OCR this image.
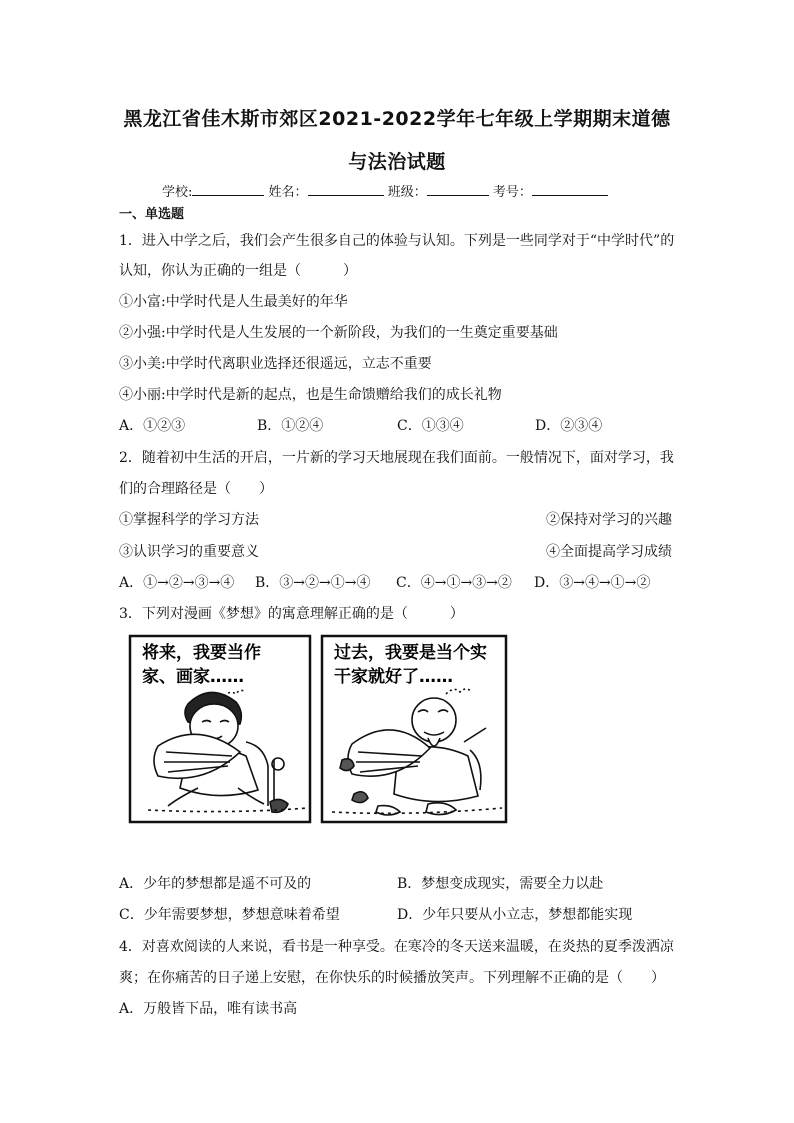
黑龙江省佳木斯市郊区2021-2022学年七年级上学期期末道德
与法治试题
学校:	姓名：	班级：	考号：
一、单选题
1．进入中学之后，我们会产生很多自己的体验与认知。下列是一些同学对于“中学时代”的
认知，你认为正确的一组是（　　　）
①小富:中学时代是人生最美好的年华
②小强:中学时代是人生发展的一个新阶段，为我们的一生奠定重要基础
③小美:中学时代离职业选择还很遥远，立志不重要
④小丽:中学时代是新的起点，也是生命馈赠给我们的成长礼物
A．①②③	B．①②④	C．①③④	D．②③④
2．随着初中生活的开启，一片新的学习天地展现在我们面前。一般情况下，面对学习，我
们的合理路径是（　　）
①掌握科学的学习方法	②保持对学习的兴趣
③认识学习的重要意义	④全面提高学习成绩
A．①→②→③→④ B．③→②→①→④ C．④→①→③→② D．③→④→①→②
3．下列对漫画《梦想》的寓意理解正确的是（　　　）
将来，我要当作
家、画家……
过去，我要是当个实
干家就好了……
A．少年的梦想都是遥不可及的	B．梦想变成现实，需要全力以赴
C．少年需要梦想，梦想意味着希望	D．少年只要从小立志，梦想都能实现
4．对喜欢阅读的人来说，看书是一种享受。在寒冷的冬天送来温暖，在炎热的夏季泼洒凉
爽；在你痛苦的日子递上安慰，在你快乐的时候播放笑声。下列理解不正确的是（　　）
A．万般皆下品，唯有读书高
